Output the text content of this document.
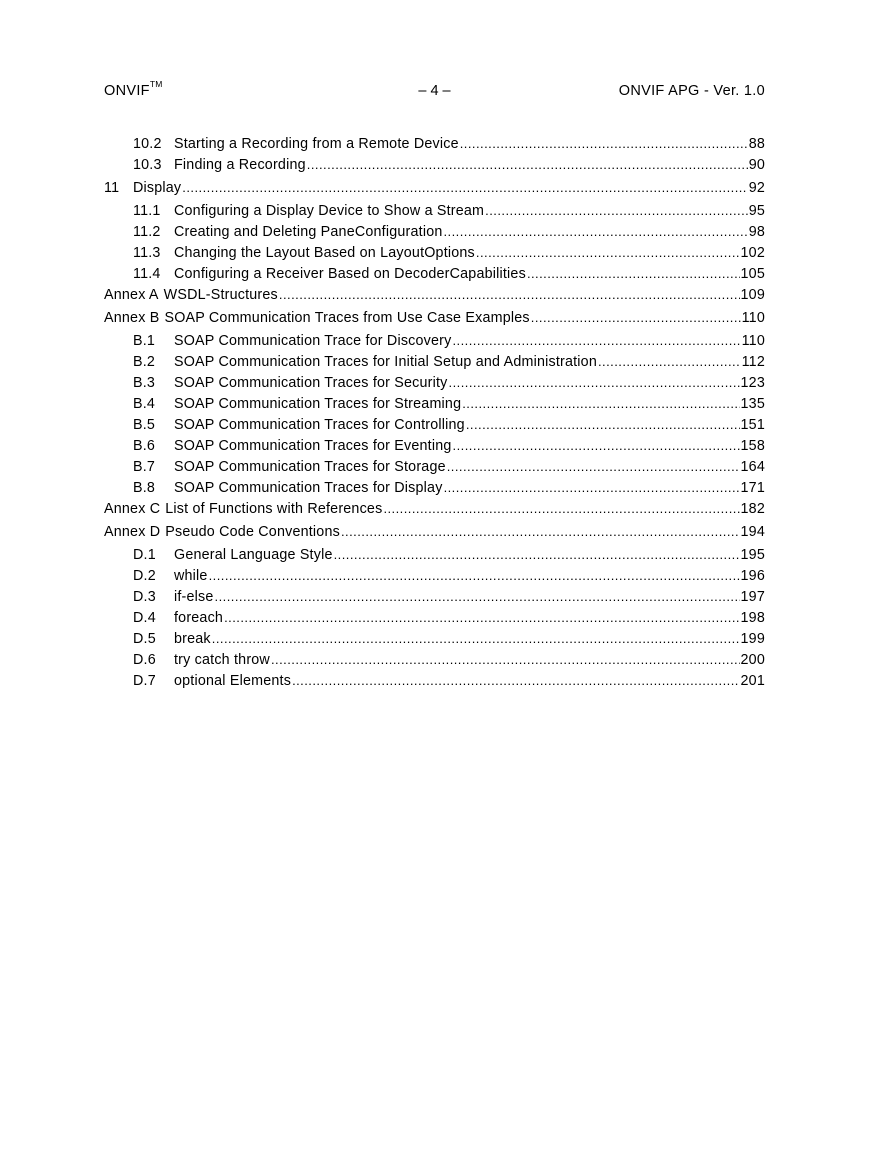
ONVIF™	– 4 –	ONVIF APG - Ver. 1.0
10.2 Starting a Recording from a Remote Device .....	88
10.3 Finding a Recording .....	90
11 Display .....	92
11.1 Configuring a Display Device to Show a Stream .....	95
11.2 Creating and Deleting PaneConfiguration .....	98
11.3 Changing the Layout Based on LayoutOptions .....	102
11.4 Configuring a Receiver Based on DecoderCapabilities .....	105
Annex A WSDL-Structures .....	109
Annex B SOAP Communication Traces from Use Case Examples .....	110
B.1	SOAP Communication Trace for Discovery .....	110
B.2	SOAP Communication Traces for Initial Setup and Administration .....	112
B.3	SOAP Communication Traces for Security .....	123
B.4	SOAP Communication Traces for Streaming .....	135
B.5	SOAP Communication Traces for Controlling .....	151
B.6	SOAP Communication Traces for Eventing .....	158
B.7	SOAP Communication Traces for Storage .....	164
B.8	SOAP Communication Traces for Display .....	171
Annex C List of Functions with References .....	182
Annex D Pseudo Code Conventions .....	194
D.1	General Language Style .....	195
D.2	while .....	196
D.3	if-else .....	197
D.4	foreach .....	198
D.5	break .....	199
D.6	try catch throw .....	200
D.7	optional Elements .....	201
